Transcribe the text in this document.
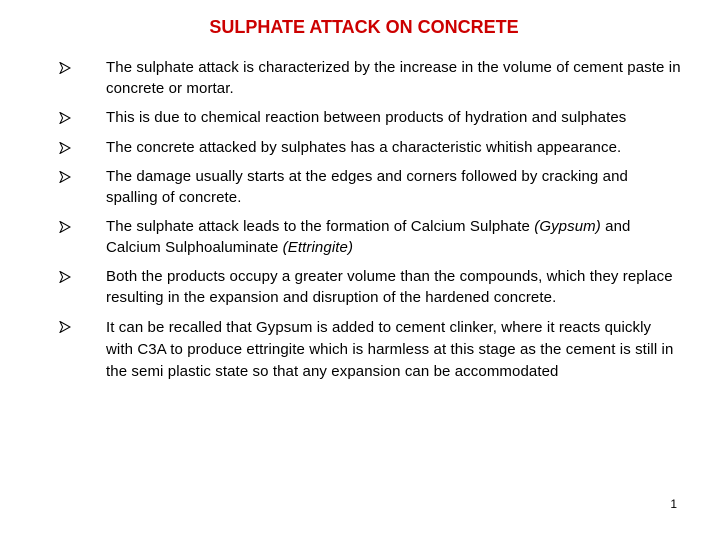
SULPHATE ATTACK ON CONCRETE
The sulphate attack is characterized by the increase in the volume of cement paste in concrete or mortar.
This is due to chemical reaction between products of hydration and sulphates
The concrete attacked by sulphates has a characteristic whitish appearance.
The damage usually starts at the edges and corners followed by cracking and spalling of concrete.
The sulphate attack leads to the formation of Calcium Sulphate (Gypsum) and Calcium Sulphoaluminate (Ettringite)
Both the products occupy a greater volume than the compounds, which they replace resulting in the expansion and disruption of the hardened concrete.
It can be recalled that Gypsum is added to cement clinker, where it reacts quickly with C3A to produce ettringite which is harmless at this stage as the cement is still in the semi plastic state so that any expansion can be accommodated
1
